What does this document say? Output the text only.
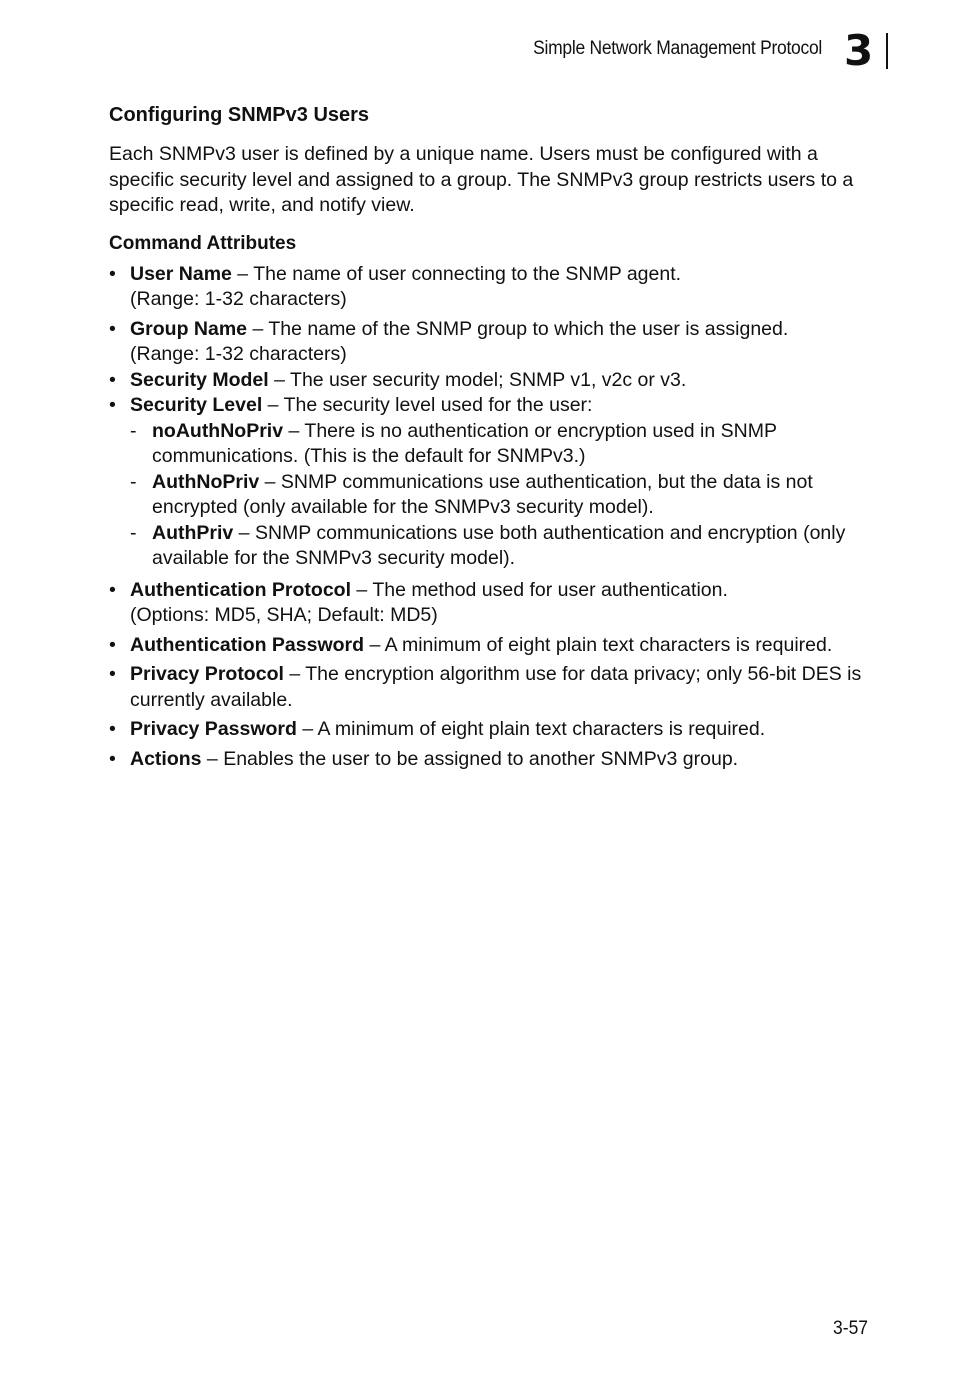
Simple Network Management Protocol 3
Configuring SNMPv3 Users

Each SNMPv3 user is defined by a unique name. Users must be configured with a specific security level and assigned to a group. The SNMPv3 group restricts users to a specific read, write, and notify view.

Command Attributes
• User Name – The name of user connecting to the SNMP agent.
(Range: 1-32 characters)
• Group Name – The name of the SNMP group to which the user is assigned.
(Range: 1-32 characters)
• Security Model – The user security model; SNMP v1, v2c or v3.
• Security Level – The security level used for the user:
- noAuthNoPriv – There is no authentication or encryption used in SNMP communications. (This is the default for SNMPv3.)
- AuthNoPriv – SNMP communications use authentication, but the data is not encrypted (only available for the SNMPv3 security model).
- AuthPriv – SNMP communications use both authentication and encryption (only available for the SNMPv3 security model).
• Authentication Protocol – The method used for user authentication.
(Options: MD5, SHA; Default: MD5)
• Authentication Password – A minimum of eight plain text characters is required.
• Privacy Protocol – The encryption algorithm use for data privacy; only 56-bit DES is currently available.
• Privacy Password – A minimum of eight plain text characters is required.
• Actions – Enables the user to be assigned to another SNMPv3 group.
3-57
